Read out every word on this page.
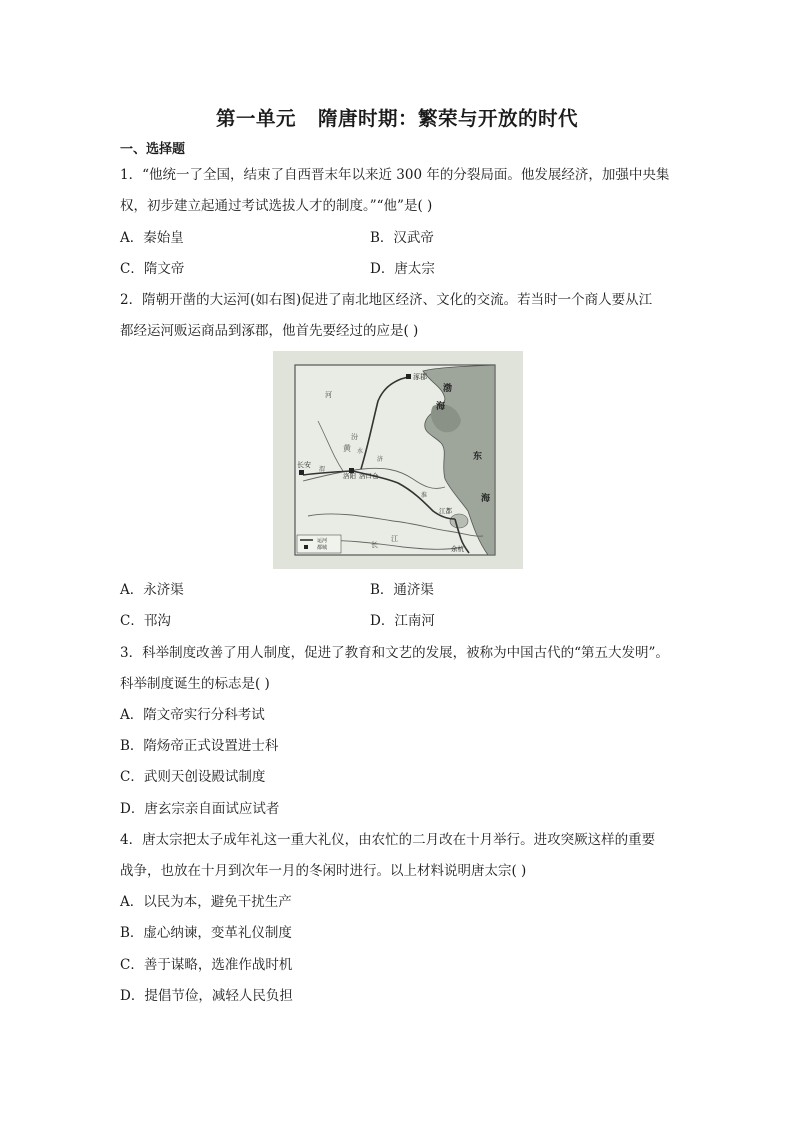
第一单元 隋唐时期：繁荣与开放的时代
一、选择题
1．“他统一了全国，结束了自西晋末年以来近 300 年的分裂局面。他发展经济，加强中央集
权，初步建立起通过考试选拔人才的制度。”“他”是( )
A．秦始皇	B．汉武帝
C．隋文帝	D．唐太宗
2．隋朝开凿的大运河(如右图)促进了南北地区经济、文化的交流。若当时一个商人要从江
都经运河贩运商品到涿郡，他首先要经过的应是( )
涿郡
渤
海
东
海
长安
洛阳 洛口仓
江都
余杭
河
黄
汾
渭
水
济
淮
江
长
运河
都城
A．永济渠	B．通济渠
C．邗沟	D．江南河
3．科举制度改善了用人制度，促进了教育和文艺的发展，被称为中国古代的“第五大发明”。
科举制度诞生的标志是( )
A．隋文帝实行分科考试
B．隋炀帝正式设置进士科
C．武则天创设殿试制度
D．唐玄宗亲自面试应试者
4．唐太宗把太子成年礼这一重大礼仪，由农忙的二月改在十月举行。进攻突厥这样的重要
战争，也放在十月到次年一月的冬闲时进行。以上材料说明唐太宗( )
A．以民为本，避免干扰生产
B．虚心纳谏，变革礼仪制度
C．善于谋略，选准作战时机
D．提倡节俭，减轻人民负担
